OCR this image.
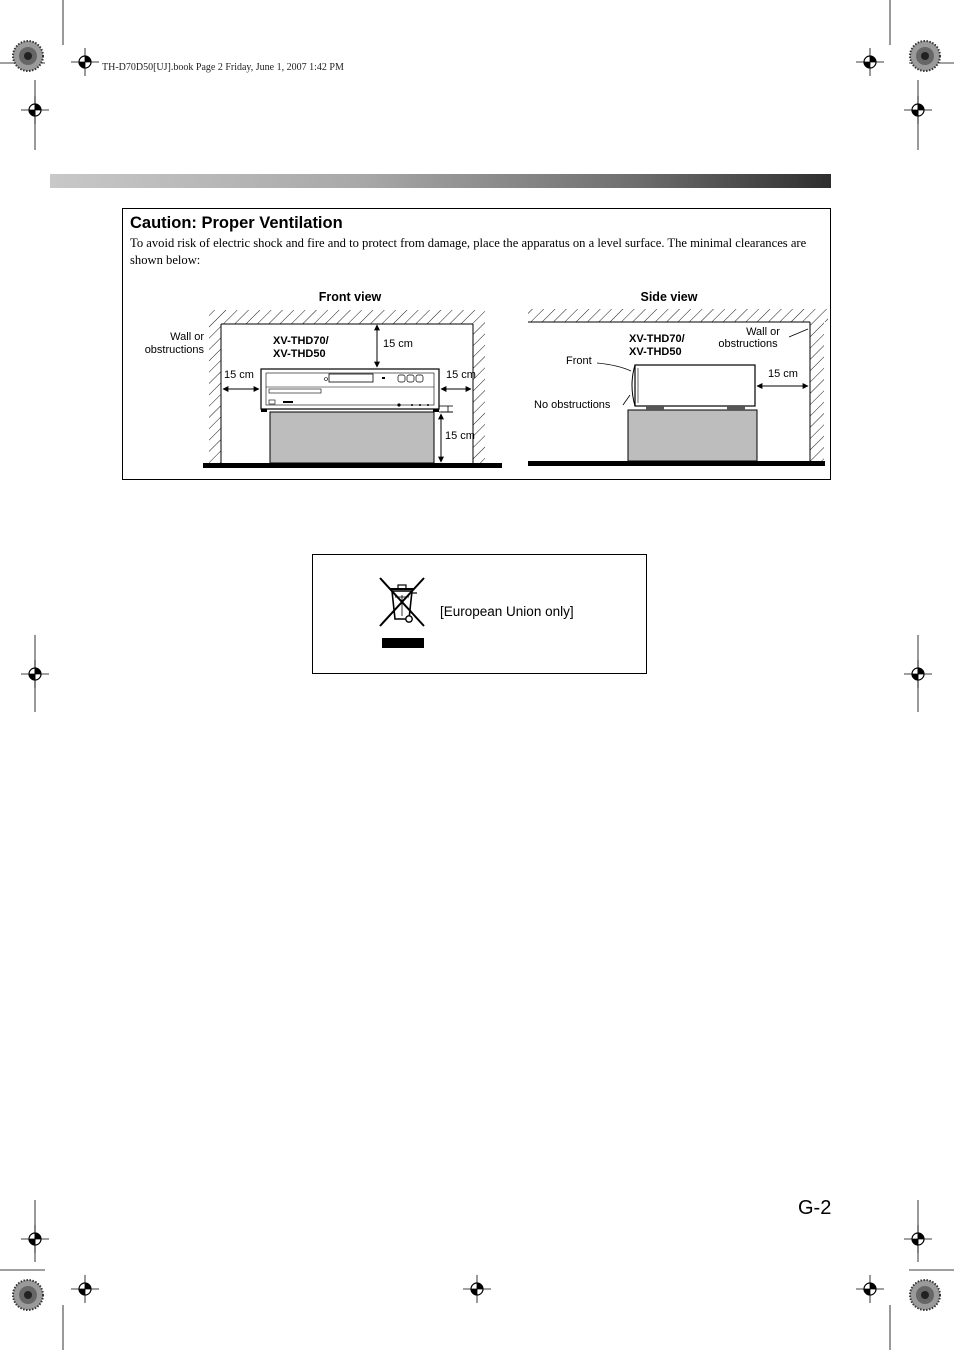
TH-D70D50[UJ].book Page 2 Friday, June 1, 2007 1:42 PM
Front view
Wall or
obstructions
XV-THD70/
XV-THD50
15 cm
15 cm	15 cm
15 cm
Side view
XV-THD70/
XV-THD50
Wall or
obstructions
Front
No obstructions
15 cm
Caution: Proper Ventilation
To avoid risk of electric shock and fire and to protect from damage, place the apparatus on a level surface. The minimal clearances are shown below:
[European Union only]
G-2
